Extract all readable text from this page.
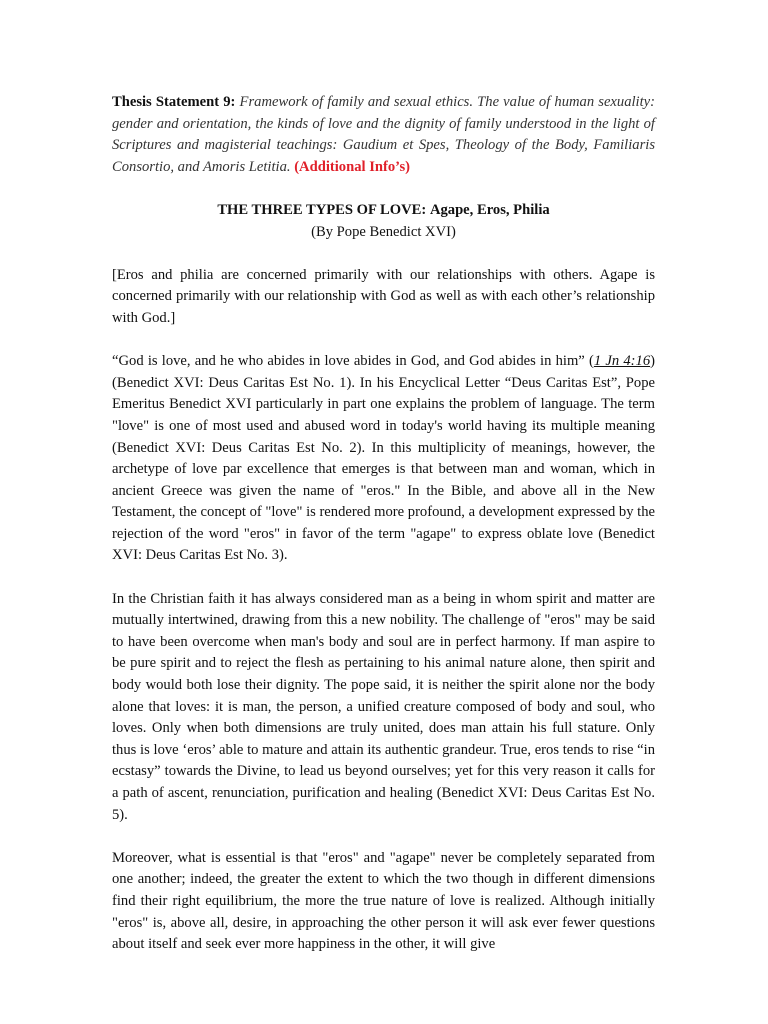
Thesis Statement 9: Framework of family and sexual ethics. The value of human sexuality: gender and orientation, the kinds of love and the dignity of family understood in the light of Scriptures and magisterial teachings: Gaudium et Spes, Theology of the Body, Familiaris Consortio, and Amoris Letitia. (Additional Info’s)

THE THREE TYPES OF LOVE: Agape, Eros, Philia

(By Pope Benedict XVI)

[Eros and philia are concerned primarily with our relationships with others. Agape is concerned primarily with our relationship with God as well as with each other’s relationship with God.]

“God is love, and he who abides in love abides in God, and God abides in him” (1 Jn 4:16) (Benedict XVI: Deus Caritas Est No. 1). In his Encyclical Letter “Deus Caritas Est”, Pope Emeritus Benedict XVI particularly in part one explains the problem of language. The term "love" is one of most used and abused word in today's world having its multiple meaning (Benedict XVI: Deus Caritas Est No. 2). In this multiplicity of meanings, however, the archetype of love par excellence that emerges is that between man and woman, which in ancient Greece was given the name of "eros." In the Bible, and above all in the New Testament, the concept of "love" is rendered more profound, a development expressed by the rejection of the word "eros" in favor of the term "agape" to express oblate love (Benedict XVI: Deus Caritas Est No. 3).

In the Christian faith it has always considered man as a being in whom spirit and matter are mutually intertwined, drawing from this a new nobility. The challenge of "eros" may be said to have been overcome when man's body and soul are in perfect harmony. If man aspire to be pure spirit and to reject the flesh as pertaining to his animal nature alone, then spirit and body would both lose their dignity. The pope said, it is neither the spirit alone nor the body alone that loves: it is man, the person, a unified creature composed of body and soul, who loves. Only when both dimensions are truly united, does man attain his full stature. Only thus is love ‘eros’ able to mature and attain its authentic grandeur. True, eros tends to rise “in ecstasy” towards the Divine, to lead us beyond ourselves; yet for this very reason it calls for a path of ascent, renunciation, purification and healing (Benedict XVI: Deus Caritas Est No. 5).

Moreover, what is essential is that "eros" and "agape" never be completely separated from one another; indeed, the greater the extent to which the two though in different dimensions find their right equilibrium, the more the true nature of love is realized. Although initially "eros" is, above all, desire, in approaching the other person it will ask ever fewer questions about itself and seek ever more happiness in the other, it will give
